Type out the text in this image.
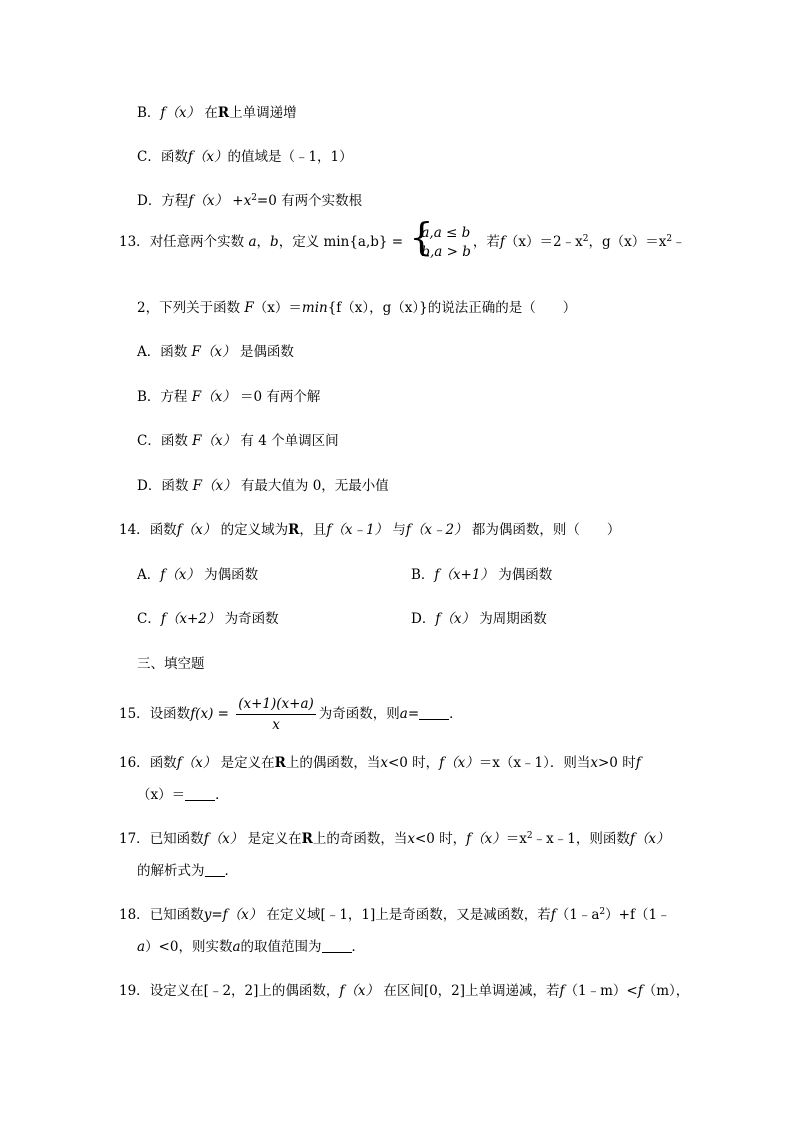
B．f（x） 在R上单调递增
C．函数f（x）的值域是（﹣1，1）
D．方程$f(x) +x^2=0$ 有两个实数根
13．对任意两个实数 a，b，定义 min{a,b} = {
a,a ≤ b
b,a > b
，若$f(x)=2﹣x^2$，$g(x)=x^2﹣$
2，下列关于函数 F（x）＝min{f（x），g（x）}的说法正确的是（　　）
A．函数 F（x） 是偶函数
B．方程 F（x） ＝0 有两个解
C．函数 F（x） 有 4 个单调区间
D．函数 F（x） 有最大值为 0，无最小值
14．函数f（x） 的定义域为R，且f（x﹣1） 与f（x﹣2） 都为偶函数，则（　　）
A．f（x） 为偶函数	B．f（x+1） 为偶函数
C．f（x+2） 为奇函数	D．f（x） 为周期函数
三、填空题
15．设函数$f(x) = \frac{(x+1)(x+a)}{x}$ 为奇函数，则a= ．
16．函数f（x） 是定义在R上的偶函数，当x<0 时，f（x）＝x（x﹣1）．则当x>0 时f
（x）＝ ．
17．已知函数f（x） 是定义在R上的奇函数，当x<0 时，$f(x)=x^2﹣x﹣1$，则函数f（x）
的解析式为 ．
18．已知函数y=f（x） 在定义域[﹣1，1]上是奇函数，又是减函数，若$f(1﹣a^2)+f(1﹣$
a）<0，则实数a的取值范围为 ．
19．设定义在[﹣2，2]上的偶函数，f（x） 在区间[0，2]上单调递减，若f（1﹣m）<f（m），
